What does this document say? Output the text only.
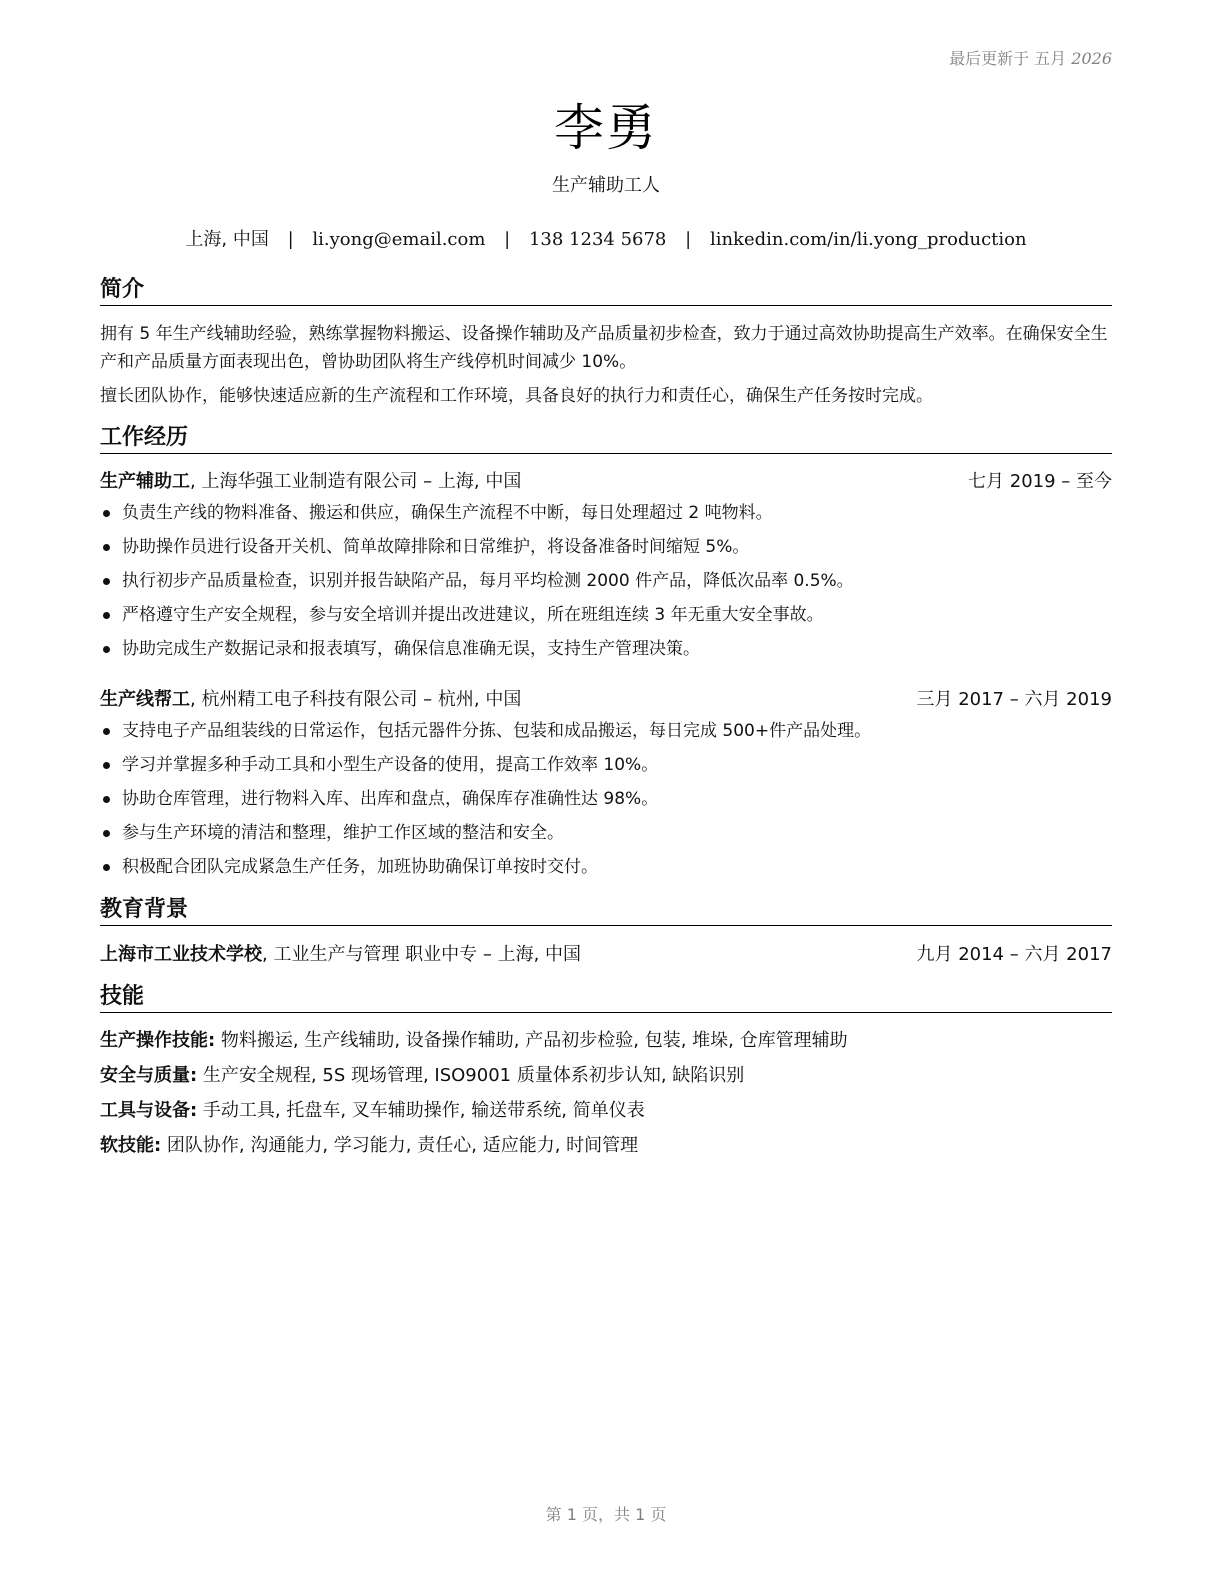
最后更新于 五月 2026
李勇
生产辅助工人
上海, 中国 | li.yong@email.com | 138 1234 5678 | linkedin.com/in/li.yong_production
简介
拥有 5 年生产线辅助经验，熟练掌握物料搬运、设备操作辅助及产品质量初步检查，致力于通过高效协助提高生产效率。在确保安全生产和产品质量方面表现出色，曾协助团队将生产线停机时间减少 10%。
擅长团队协作，能够快速适应新的生产流程和工作环境，具备良好的执行力和责任心，确保生产任务按时完成。
工作经历
生产辅助工, 上海华强工业制造有限公司 – 上海, 中国	七月 2019 – 至今
负责生产线的物料准备、搬运和供应，确保生产流程不中断，每日处理超过 2 吨物料。
协助操作员进行设备开关机、简单故障排除和日常维护，将设备准备时间缩短 5%。
执行初步产品质量检查，识别并报告缺陷产品，每月平均检测 2000 件产品，降低次品率 0.5%。
严格遵守生产安全规程，参与安全培训并提出改进建议，所在班组连续 3 年无重大安全事故。
协助完成生产数据记录和报表填写，确保信息准确无误，支持生产管理决策。
生产线帮工, 杭州精工电子科技有限公司 – 杭州, 中国	三月 2017 – 六月 2019
支持电子产品组装线的日常运作，包括元器件分拣、包装和成品搬运，每日完成 500+件产品处理。
学习并掌握多种手动工具和小型生产设备的使用，提高工作效率 10%。
协助仓库管理，进行物料入库、出库和盘点，确保库存准确性达 98%。
参与生产环境的清洁和整理，维护工作区域的整洁和安全。
积极配合团队完成紧急生产任务，加班协助确保订单按时交付。
教育背景
上海市工业技术学校, 工业生产与管理 职业中专 – 上海, 中国	九月 2014 – 六月 2017
技能
生产操作技能: 物料搬运, 生产线辅助, 设备操作辅助, 产品初步检验, 包装, 堆垛, 仓库管理辅助
安全与质量: 生产安全规程, 5S 现场管理, ISO9001 质量体系初步认知, 缺陷识别
工具与设备: 手动工具, 托盘车, 叉车辅助操作, 输送带系统, 简单仪表
软技能: 团队协作, 沟通能力, 学习能力, 责任心, 适应能力, 时间管理
第 1 页，共 1 页
